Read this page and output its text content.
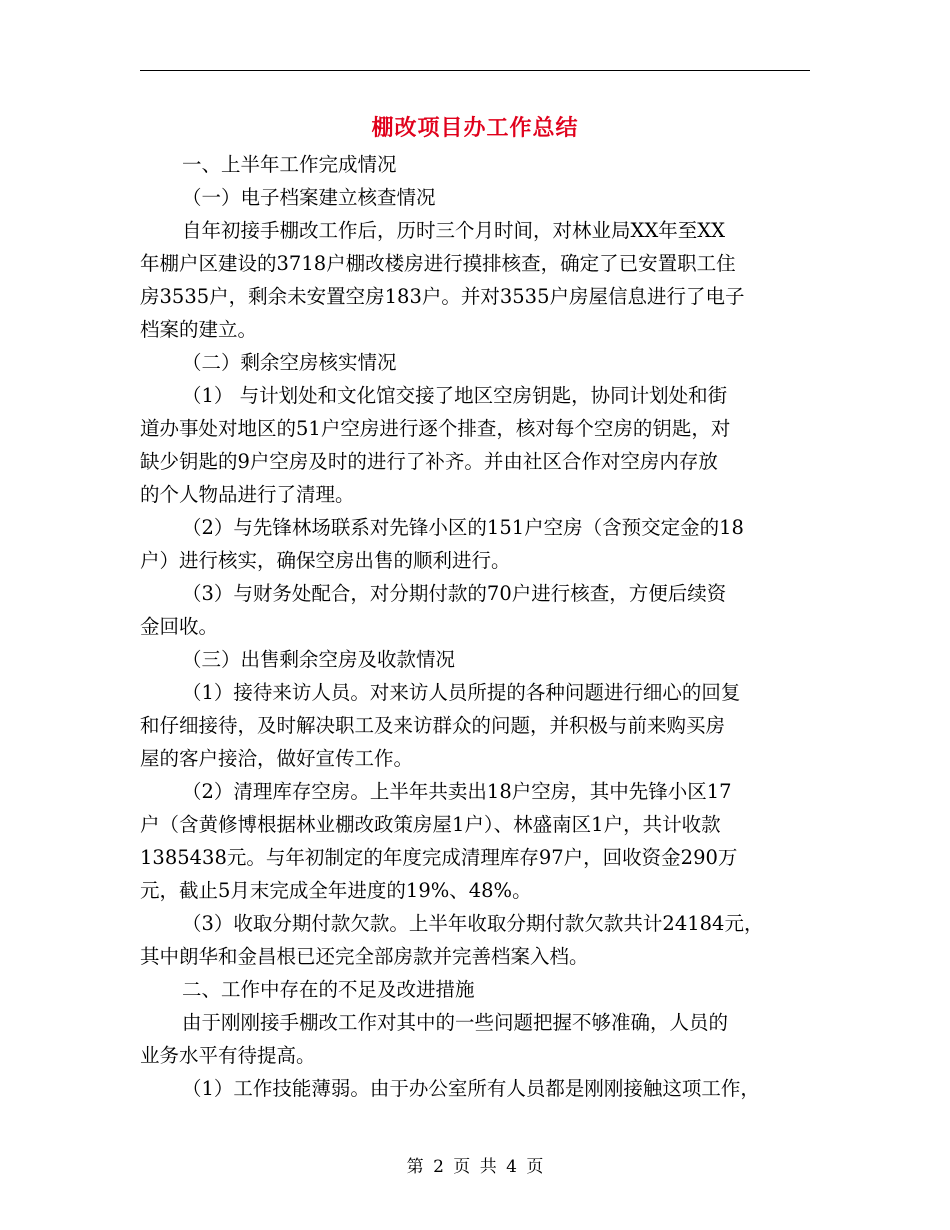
棚改项目办工作总结

一、上半年工作完成情况

（一）电子档案建立核查情况

自年初接手棚改工作后，历时三个月时间，对林业局XX年至XX

年棚户区建设的3718户棚改楼房进行摸排核查，确定了已安置职工住

房3535户，剩余未安置空房183户。并对3535户房屋信息进行了电子

档案的建立。

（二）剩余空房核实情况

（1） 与计划处和文化馆交接了地区空房钥匙，协同计划处和街

道办事处对地区的51户空房进行逐个排查，核对每个空房的钥匙，对

缺少钥匙的9户空房及时的进行了补齐。并由社区合作对空房内存放

的个人物品进行了清理。

（2）与先锋林场联系对先锋小区的151户空房（含预交定金的18

户）进行核实，确保空房出售的顺利进行。

（3）与财务处配合，对分期付款的70户进行核查，方便后续资

金回收。

（三）出售剩余空房及收款情况

（1）接待来访人员。对来访人员所提的各种问题进行细心的回复

和仔细接待，及时解决职工及来访群众的问题，并积极与前来购买房

屋的客户接洽，做好宣传工作。

（2）清理库存空房。上半年共卖出18户空房，其中先锋小区17

户（含黄修博根据林业棚改政策房屋1户）、林盛南区1户，共计收款

1385438元。与年初制定的年度完成清理库存97户，回收资金290万

元，截止5月末完成全年进度的19%、48%。

（3）收取分期付款欠款。上半年收取分期付款欠款共计24184元，

其中朗华和金昌根已还完全部房款并完善档案入档。

二、工作中存在的不足及改进措施

由于刚刚接手棚改工作对其中的一些问题把握不够准确，人员的

业务水平有待提高。

（1）工作技能薄弱。由于办公室所有人员都是刚刚接触这项工作，

第 2 页 共 4 页
